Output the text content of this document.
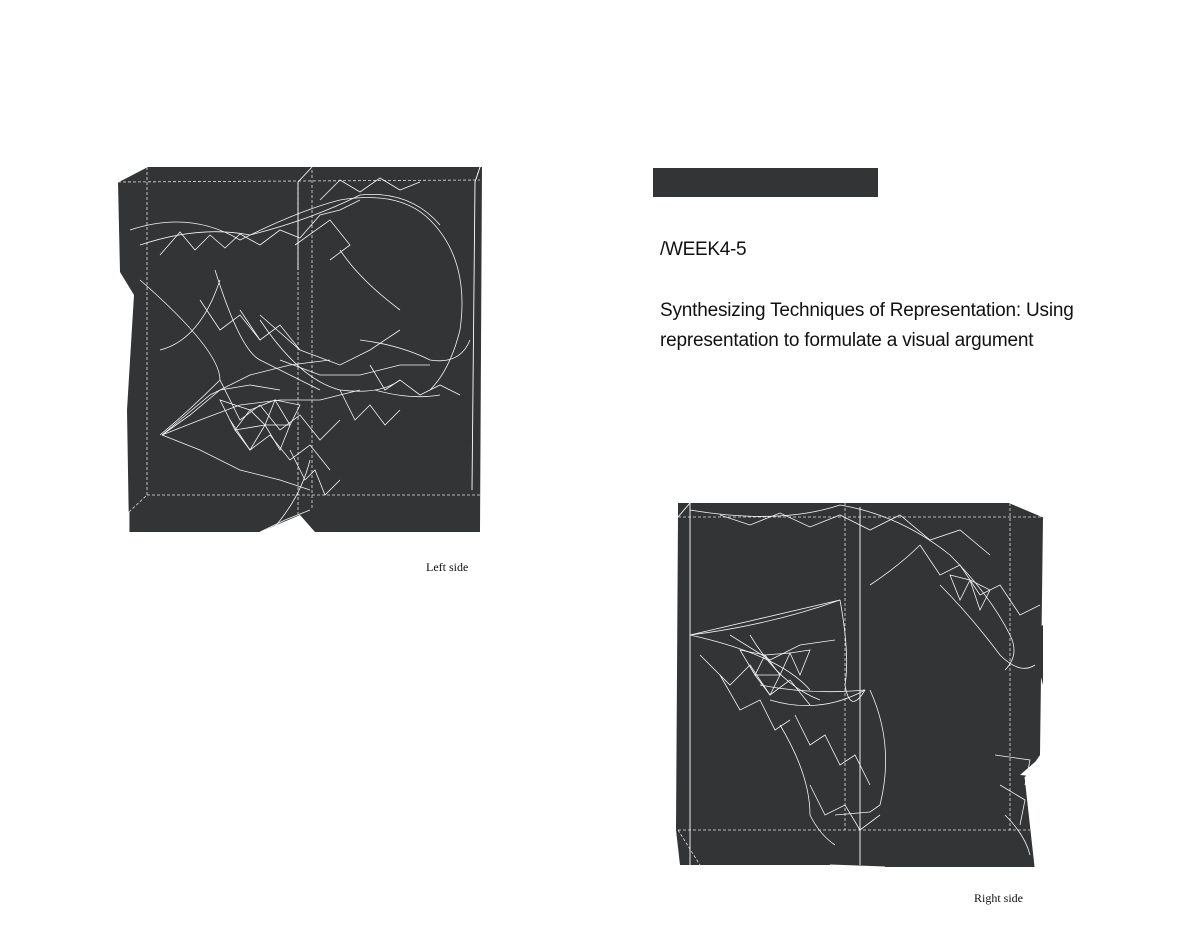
Left side
/WEEK4-5
Synthesizing Techniques of Representation: Using representation to formulate a visual argument
Right side
